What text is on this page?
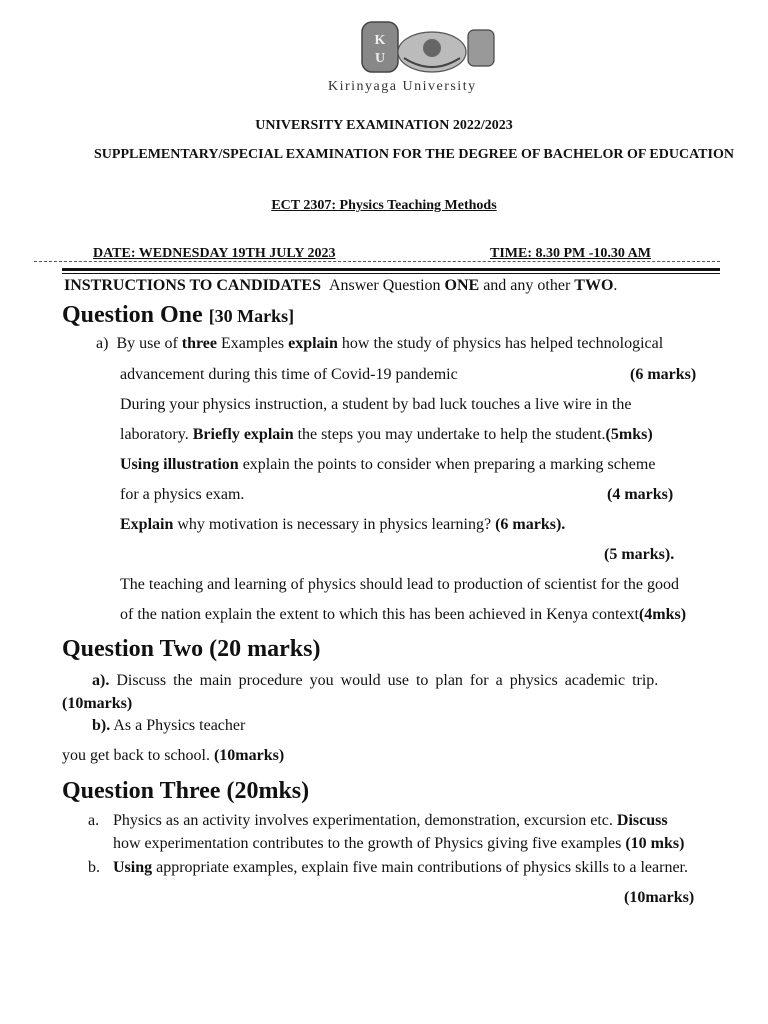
K
U
Kirinyaga University
UNIVERSITY EXAMINATION 2022/2023
SUPPLEMENTARY/SPECIAL EXAMINATION FOR THE DEGREE OF BACHELOR OF EDUCATION
ECT 2307: Physics Teaching Methods
DATE: WEDNESDAY 19TH JULY 2023	TIME: 8.30 PM -10.30 AM
INSTRUCTIONS TO CANDIDATES Answer Question ONE and any other TWO.
Question One [30 Marks]
a) By use of three Examples explain how the study of physics has helped technological
advancement during this time of Covid-19 pandemic	(6 marks)
During your physics instruction, a student by bad luck touches a live wire in the
laboratory. Briefly explain the steps you may undertake to help the student.(5mks)
Using illustration explain the points to consider when preparing a marking scheme
for a physics exam.	(4 marks)
Explain why motivation is necessary in physics learning? (6 marks).
(5 marks).
The teaching and learning of physics should lead to production of scientist for the good
of the nation explain the extent to which this has been achieved in Kenya context(4mks)
Question Two (20 marks)
a). Discuss the main procedure you would use to plan for a physics academic trip.
(10marks)
b). As a Physics teacher
you get back to school. (10marks)
Question Three (20mks)
a. Physics as an activity involves experimentation, demonstration, excursion etc. Discuss
how experimentation contributes to the growth of Physics giving five examples (10 mks)
b. Using appropriate examples, explain five main contributions of physics skills to a learner.
(10marks)
